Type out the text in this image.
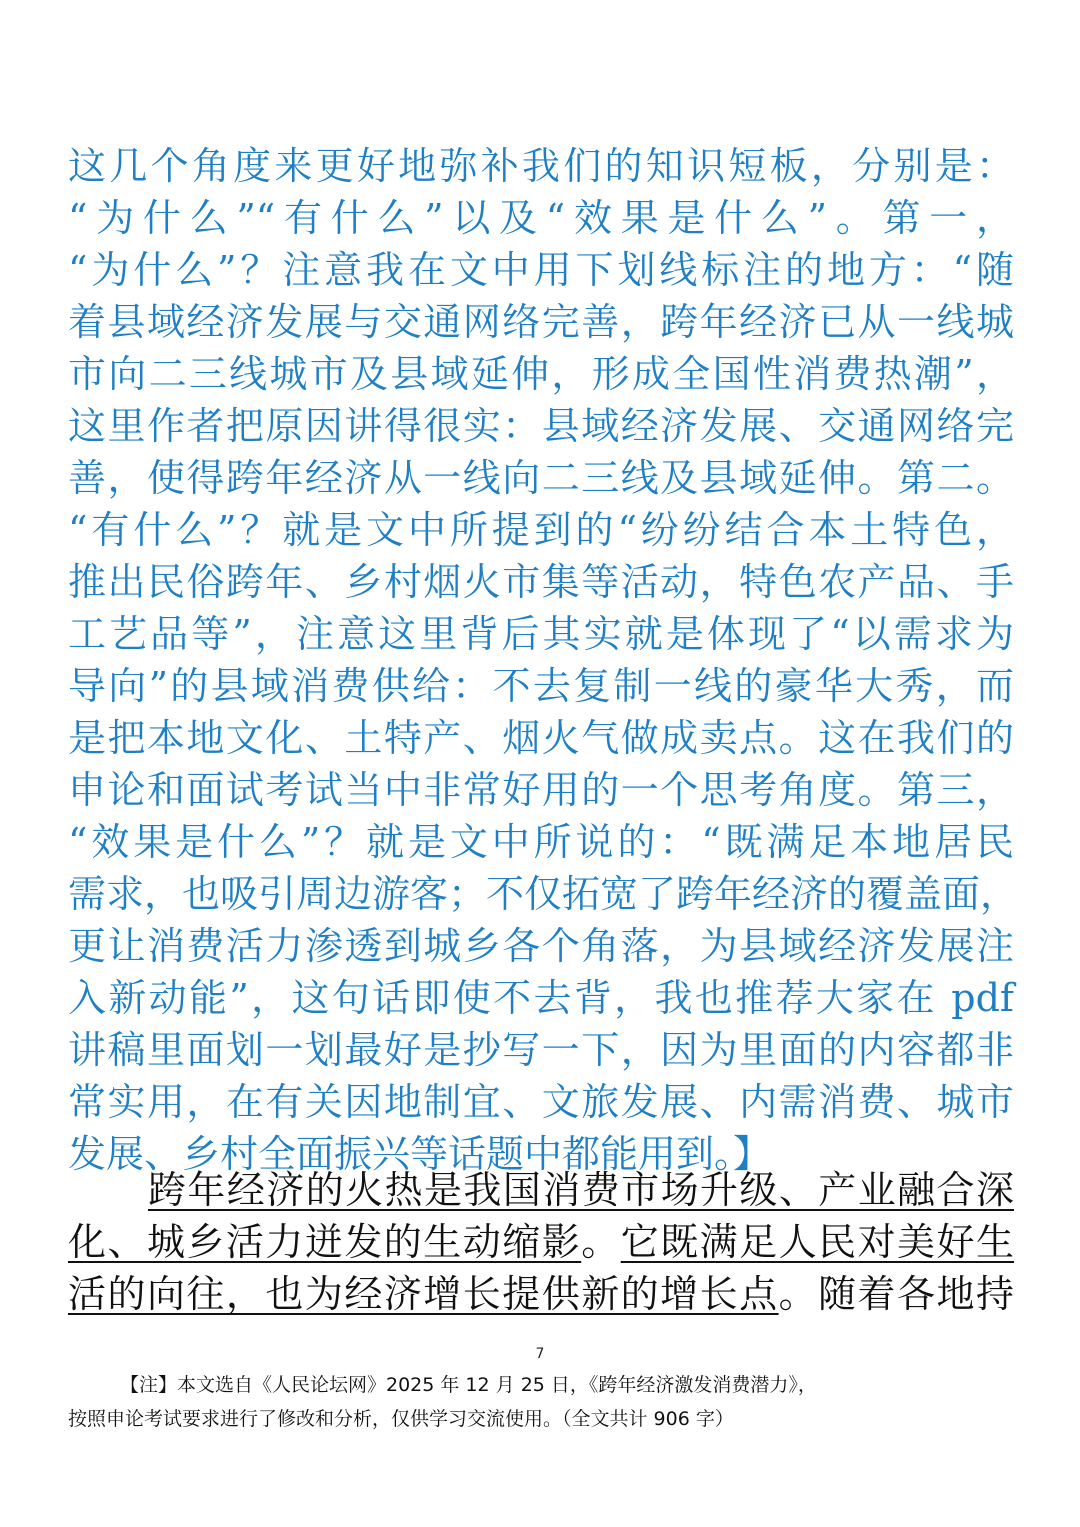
这几个角度来更好地弥补我们的知识短板，分别是：
“为什么”“有什么”以及“效果是什么”。第一，
“为什么”？注意我在文中用下划线标注的地方：“随
着县域经济发展与交通网络完善，跨年经济已从一线城
市向二三线城市及县域延伸，形成全国性消费热潮”，
这里作者把原因讲得很实：县域经济发展、交通网络完
善，使得跨年经济从一线向二三线及县域延伸。第二。
“有什么”？就是文中所提到的“纷纷结合本土特色，
推出民俗跨年、乡村烟火市集等活动，特色农产品、手
工艺品等”，注意这里背后其实就是体现了“以需求为
导向”的县域消费供给：不去复制一线的豪华大秀，而
是把本地文化、土特产、烟火气做成卖点。这在我们的
申论和面试考试当中非常好用的一个思考角度。第三，
“效果是什么”？就是文中所说的：“既满足本地居民
需求，也吸引周边游客；不仅拓宽了跨年经济的覆盖面，
更让消费活力渗透到城乡各个角落，为县域经济发展注
入新动能”，这句话即使不去背，我也推荐大家在 pdf
讲稿里面划一划最好是抄写一下，因为里面的内容都非
常实用，在有关因地制宜、文旅发展、内需消费、城市
发展、乡村全面振兴等话题中都能用到。】
跨年经济的火热是我国消费市场升级、产业融合深
化、城乡活力迸发的生动缩影。它既满足人民对美好生
活的向往，也为经济增长提供新的增长点。随着各地持
7
【注】本文选自《人民论坛网》2025 年 12 月 25 日，《跨年经济激发消费潜力》，
按照申论考试要求进行了修改和分析，仅供学习交流使用。（全文共计 906 字）
